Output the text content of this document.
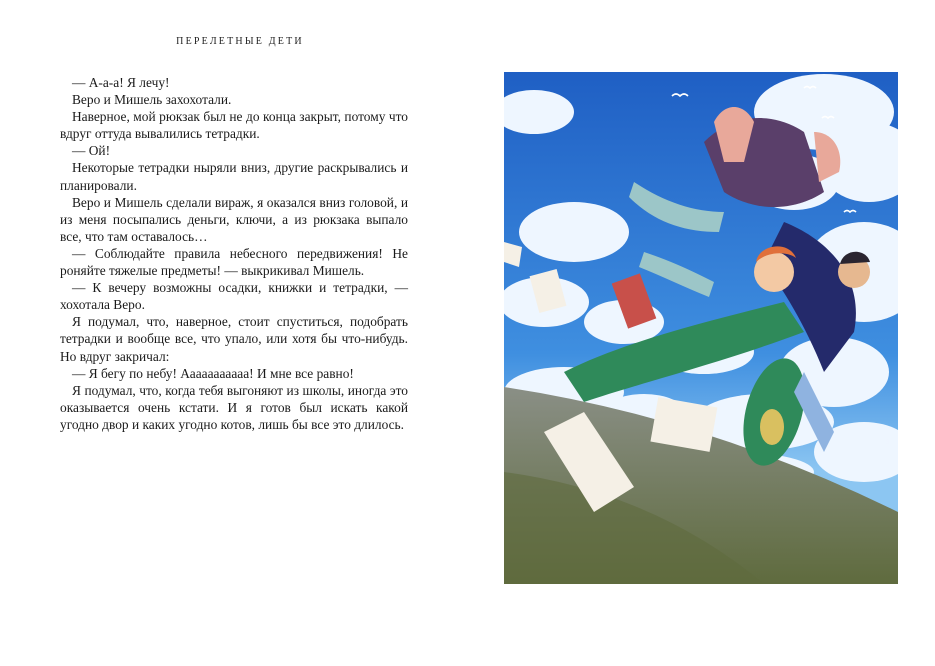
ПЕРЕЛЕТНЫЕ ДЕТИ

— А-а-а! Я лечу!

Веро и Мишель захохотали.

Наверное, мой рюкзак был не до конца закрыт, потому что вдруг оттуда вывалились тетрадки.

— Ой!

Некоторые тетрадки ныряли вниз, другие раскрывались и планировали.

Веро и Мишель сделали вираж, я оказался вниз головой, и из меня посыпались деньги, ключи, а из рюкзака выпало все, что там оставалось…

— Соблюдайте правила небесного передвижения! Не роняйте тяжелые предметы! — выкрикивал Мишель.

— К вечеру возможны осадки, книжки и тетрадки, — хохотала Веро.

Я подумал, что, наверное, стоит спуститься, подобрать тетрадки и вообще все, что упало, или хотя бы что-нибудь. Но вдруг закричал:

— Я бегу по небу! Ааааааааааа! И мне все равно!

Я подумал, что, когда тебя выгоняют из школы, иногда это оказывается очень кстати. И я готов был искать какой угодно двор и каких угодно котов, лишь бы все это длилось.

3
